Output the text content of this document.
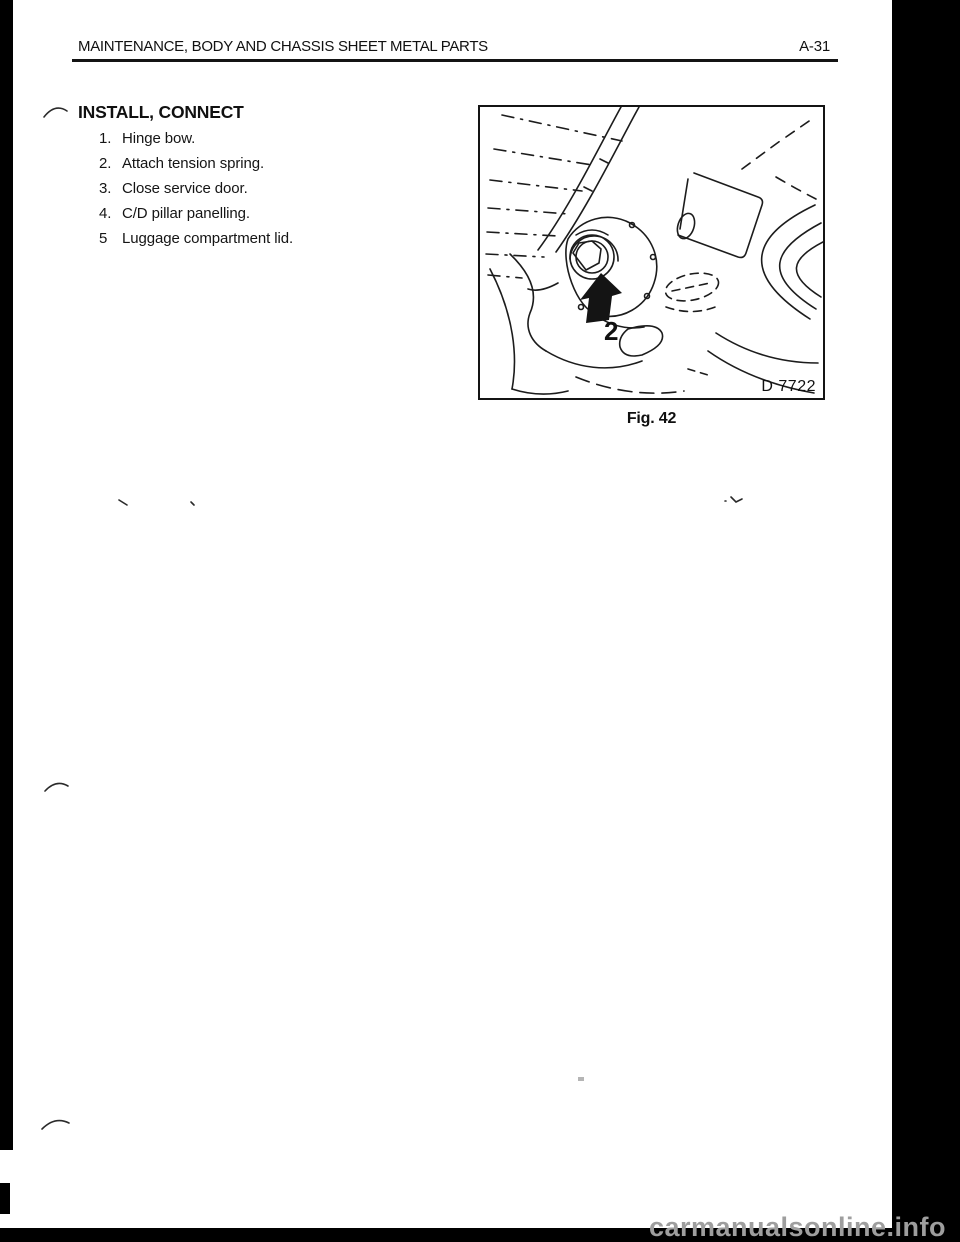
MAINTENANCE, BODY AND CHASSIS SHEET METAL PARTS	A-31
INSTALL, CONNECT
1. Hinge bow.
2. Attach tension spring.
3. Close service door.
4. C/D pillar panelling.
5 Luggage compartment lid.
2
D 7722
Fig. 42
carmanualsonline.info
